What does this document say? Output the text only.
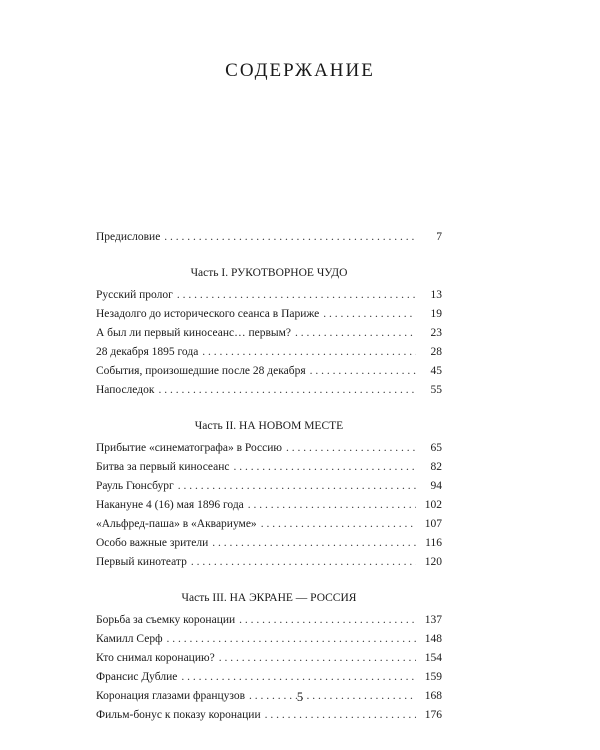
СОДЕРЖАНИЕ
Предисловие . . .	7
Часть I. РУКОТВОРНОЕ ЧУДО
Русский пролог . . .	13
Незадолго до исторического сеанса в Париже . . .	19
А был ли первый киносеанс… первым? . . .	23
28 декабря 1895 года . . .	28
События, произошедшие после 28 декабря . . .	45
Напоследок . . .	55
Часть II. НА НОВОМ МЕСТЕ
Прибытие «синематографа» в Россию . . .	65
Битва за первый киносеанс . . .	82
Рауль Гюнсбург . . .	94
Накануне 4 (16) мая 1896 года . . .	102
«Альфред-паша» в «Аквариуме» . . .	107
Особо важные зрители . . .	116
Первый кинотеатр . . .	120
Часть III. НА ЭКРАНЕ — РОССИЯ
Борьба за съемку коронации . . .	137
Камилл Серф . . .	148
Кто снимал коронацию? . . .	154
Франсис Дублие . . .	159
Коронация глазами французов . . .	168
Фильм-бонус к показу коронации . . .	176
5
